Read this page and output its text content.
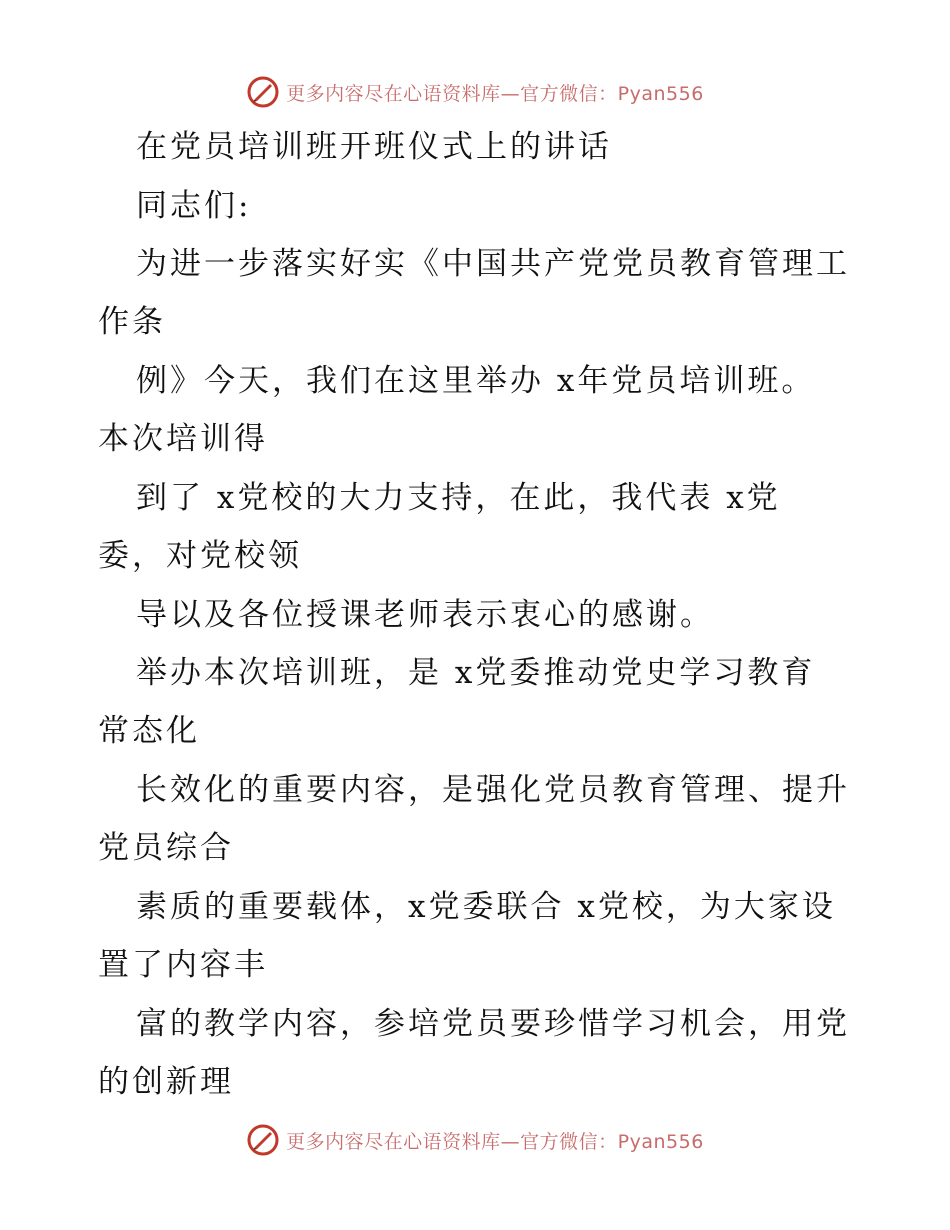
更多内容尽在心语资料库—官方微信：Pyan556
在党员培训班开班仪式上的讲话
同志们:
为进一步落实好实《中国共产党党员教育管理工
作条
例》今天，我们在这里举办 x年党员培训班。
本次培训得
到了 x党校的大力支持，在此，我代表 x党
委，对党校领
导以及各位授课老师表示衷心的感谢。
举办本次培训班，是 x党委推动党史学习教育
常态化
长效化的重要内容，是强化党员教育管理、提升
党员综合
素质的重要载体，x党委联合 x党校，为大家设
置了内容丰
富的教学内容，参培党员要珍惜学习机会，用党
的创新理
更多内容尽在心语资料库—官方微信：Pyan556
